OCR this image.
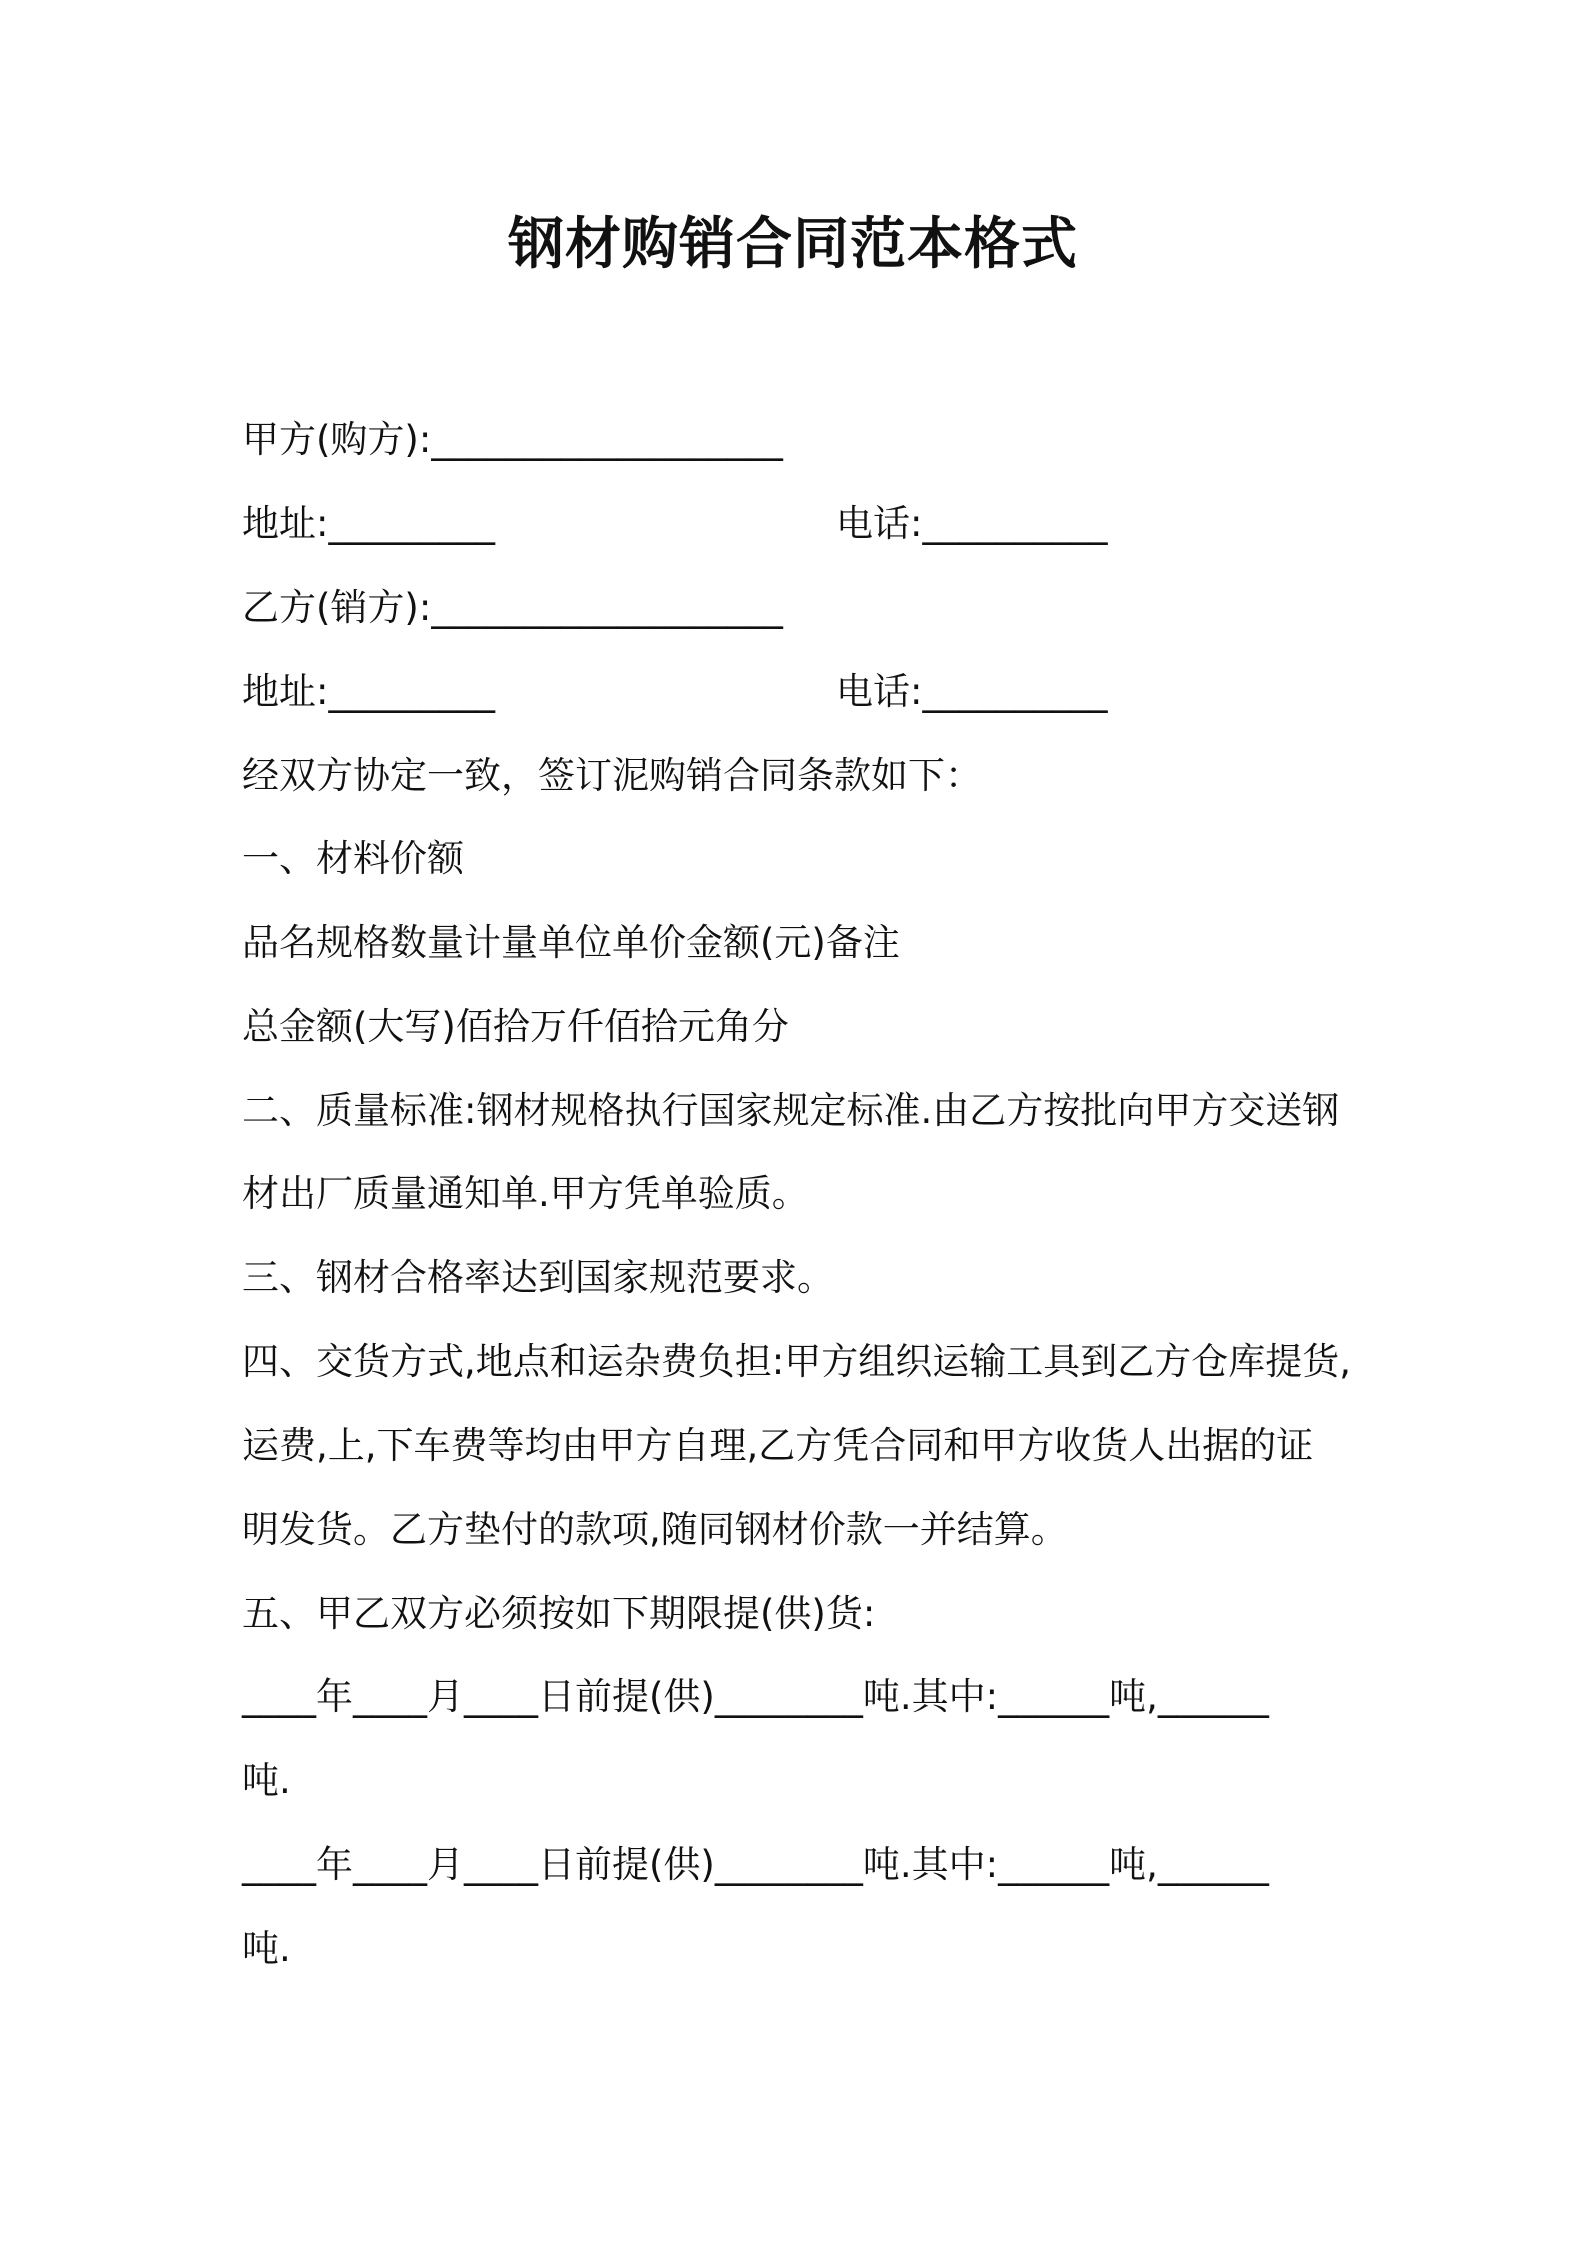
钢材购销合同范本格式
甲方(购方):___________________
地址:_________	电话:__________
乙方(销方):___________________
地址:_________	电话:__________
经双方协定一致，签订泥购销合同条款如下：
一、材料价额
品名规格数量计量单位单价金额(元)备注
总金额(大写)佰拾万仟佰拾元角分
二、质量标准:钢材规格执行国家规定标准.由乙方按批向甲方交送钢
材出厂质量通知单.甲方凭单验质。
三、钢材合格率达到国家规范要求。
四、交货方式,地点和运杂费负担:甲方组织运输工具到乙方仓库提货,
运费,上,下车费等均由甲方自理,乙方凭合同和甲方收货人出据的证
明发货。乙方垫付的款项,随同钢材价款一并结算。
五、甲乙双方必须按如下期限提(供)货:
____年____月____日前提(供)________吨.其中:______吨,______
吨.
____年____月____日前提(供)________吨.其中:______吨,______
吨.
